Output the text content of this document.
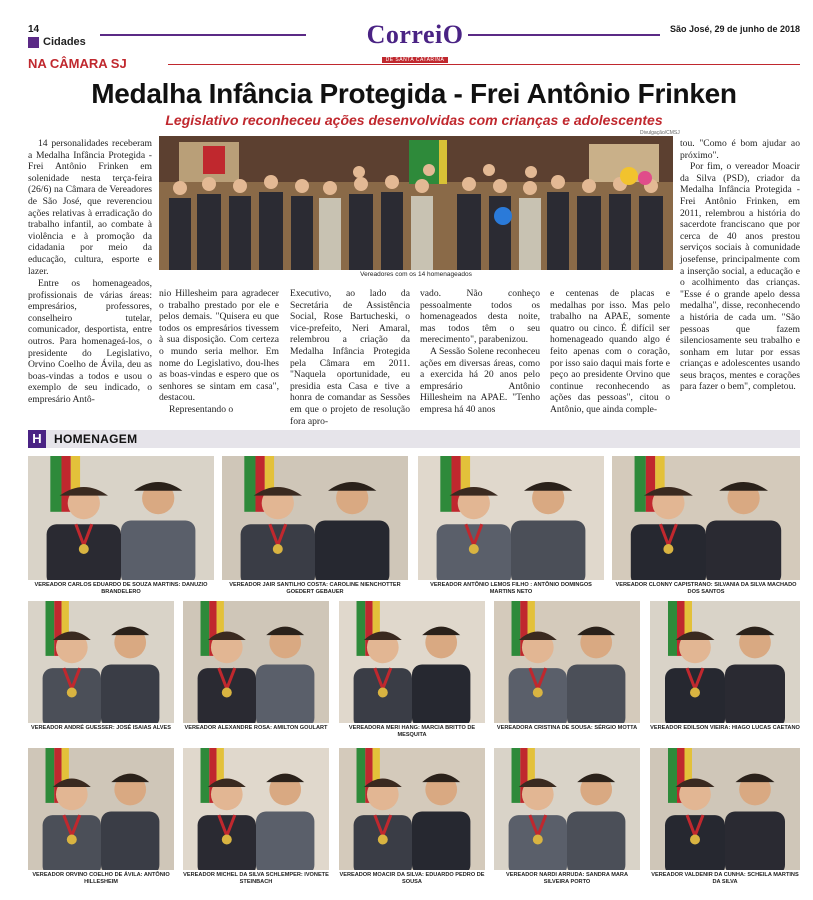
14
Cidades	CorreiO
DE SANTA CATARINA
São José, 29 de junho de 2018
NA CÂMARA SJ
Medalha Infância Protegida - Frei Antônio Frinken
Legislativo reconheceu ações desenvolvidas com crianças e adolescentes

14 personalidades receberam a Medalha Infância Protegida - Frei Antônio Frinken em solenidade nesta terça-feira (26/6) na Câmara de Vereadores de São José, que reverenciou ações relativas à erradicação do trabalho infantil, ao combate à violência e à promoção da cidadania por meio da educação, cultura, esporte e lazer.

Divulgação/CMSJ
Vereadores com os 14 homenageados

Entre os homenageados, profissionais de várias áreas: empresários, professores, conselheiro tutelar, comunicador, desportista, entre outros. Para homenageá-los, o presidente do Legislativo, Orvino Coelho de Ávila, deu as boas-vindas a todos e usou o exemplo de seu indicado, o empresário Antô-

nio Hillesheim para agradecer o trabalho prestado por ele e pelos demais. "Quisera eu que todos os empresários tivessem à sua disposição. Com certeza o mundo seria melhor. Em nome do Legislativo, dou-lhes as boas-vindas e espero que os senhores se sintam em casa", destacou.

Representando o

Executivo, ao lado da Secretária de Assistência Social, Rose Bartucheski, o vice-prefeito, Neri Amaral, relembrou a criação da Medalha Infância Protegida pela Câmara em 2011. "Naquela oportunidade, eu presidia esta Casa e tive a honra de comandar as Sessões em que o projeto de resolução fora apro-

vado. Não conheço pessoalmente todos os homenageados desta noite, mas todos têm o seu merecimento", parabenizou.

A Sessão Solene reconheceu ações em diversas áreas, como a exercida há 20 anos pelo empresário Antônio Hillesheim na APAE. "Tenho empresa há 40 anos

e centenas de placas e medalhas por isso. Mas pelo trabalho na APAE, somente quatro ou cinco. É difícil ser homenageado quando algo é feito apenas com o coração, por isso saio daqui mais forte e peço ao presidente Orvino que continue reconhecendo as ações das pessoas", citou o Antônio, que ainda comple-

tou. "Como é bom ajudar ao próximo".

Por fim, o vereador Moacir da Silva (PSD), criador da Medalha Infância Protegida - Frei Antônio Frinken, em 2011, relembrou a história do sacerdote franciscano que por cerca de 40 anos prestou serviços sociais à comunidade josefense, principalmente com a inserção social, a educação e o acolhimento das crianças. "Esse é o grande apelo dessa medalha", disse, reconhecendo a história de cada um. "São pessoas que fazem silenciosamente seu trabalho e sonham em lutar por essas crianças e adolescentes usando seus braços, mentes e corações para fazer o bem", completou.

H	HOMENAGEM
VEREADOR CARLOS EDUARDO DE SOUZA MARTINS: DANUZIO BRANDELERO
VEREADOR JAIR SANTILHO COSTA: CAROLINE NIENCHOTTER GOEDERT GEBAUER
VEREADOR ANTÔNIO LEMOS FILHO : ANTÔNIO DOMINGOS MARTINS NETO
VEREADOR CLONNY CAPISTRANO: SILVANIA DA SILVA MACHADO DOS SANTOS
VEREADOR ANDRÉ GUESSER: JOSÉ ISAIAS ALVES	VEREADOR ALEXANDRE ROSA: AMILTON GOULART	VEREADORA MERI HANG: MARCIA BRITTO DE MESQUITA
VEREADORA CRISTINA DE SOUSA: SÉRGIO MOTTA	VEREADOR EDILSON VIEIRA: HIAGO LUCAS CAETANO
VEREADOR ORVINO COELHO DE ÁVILA: ANTÔNIO HILLESHEIM
VEREADOR MICHEL DA SILVA SCHLEMPER: IVONETE STEINBACH
VEREADOR MOACIR DA SILVA: EDUARDO PEDRO DE SOUSA
VEREADOR NARDI ARRUDA: SANDRA MARA SILVEIRA PORTO
VEREADOR VALDENIR DA CUNHA: SCHEILA MARTINS DA SILVA
